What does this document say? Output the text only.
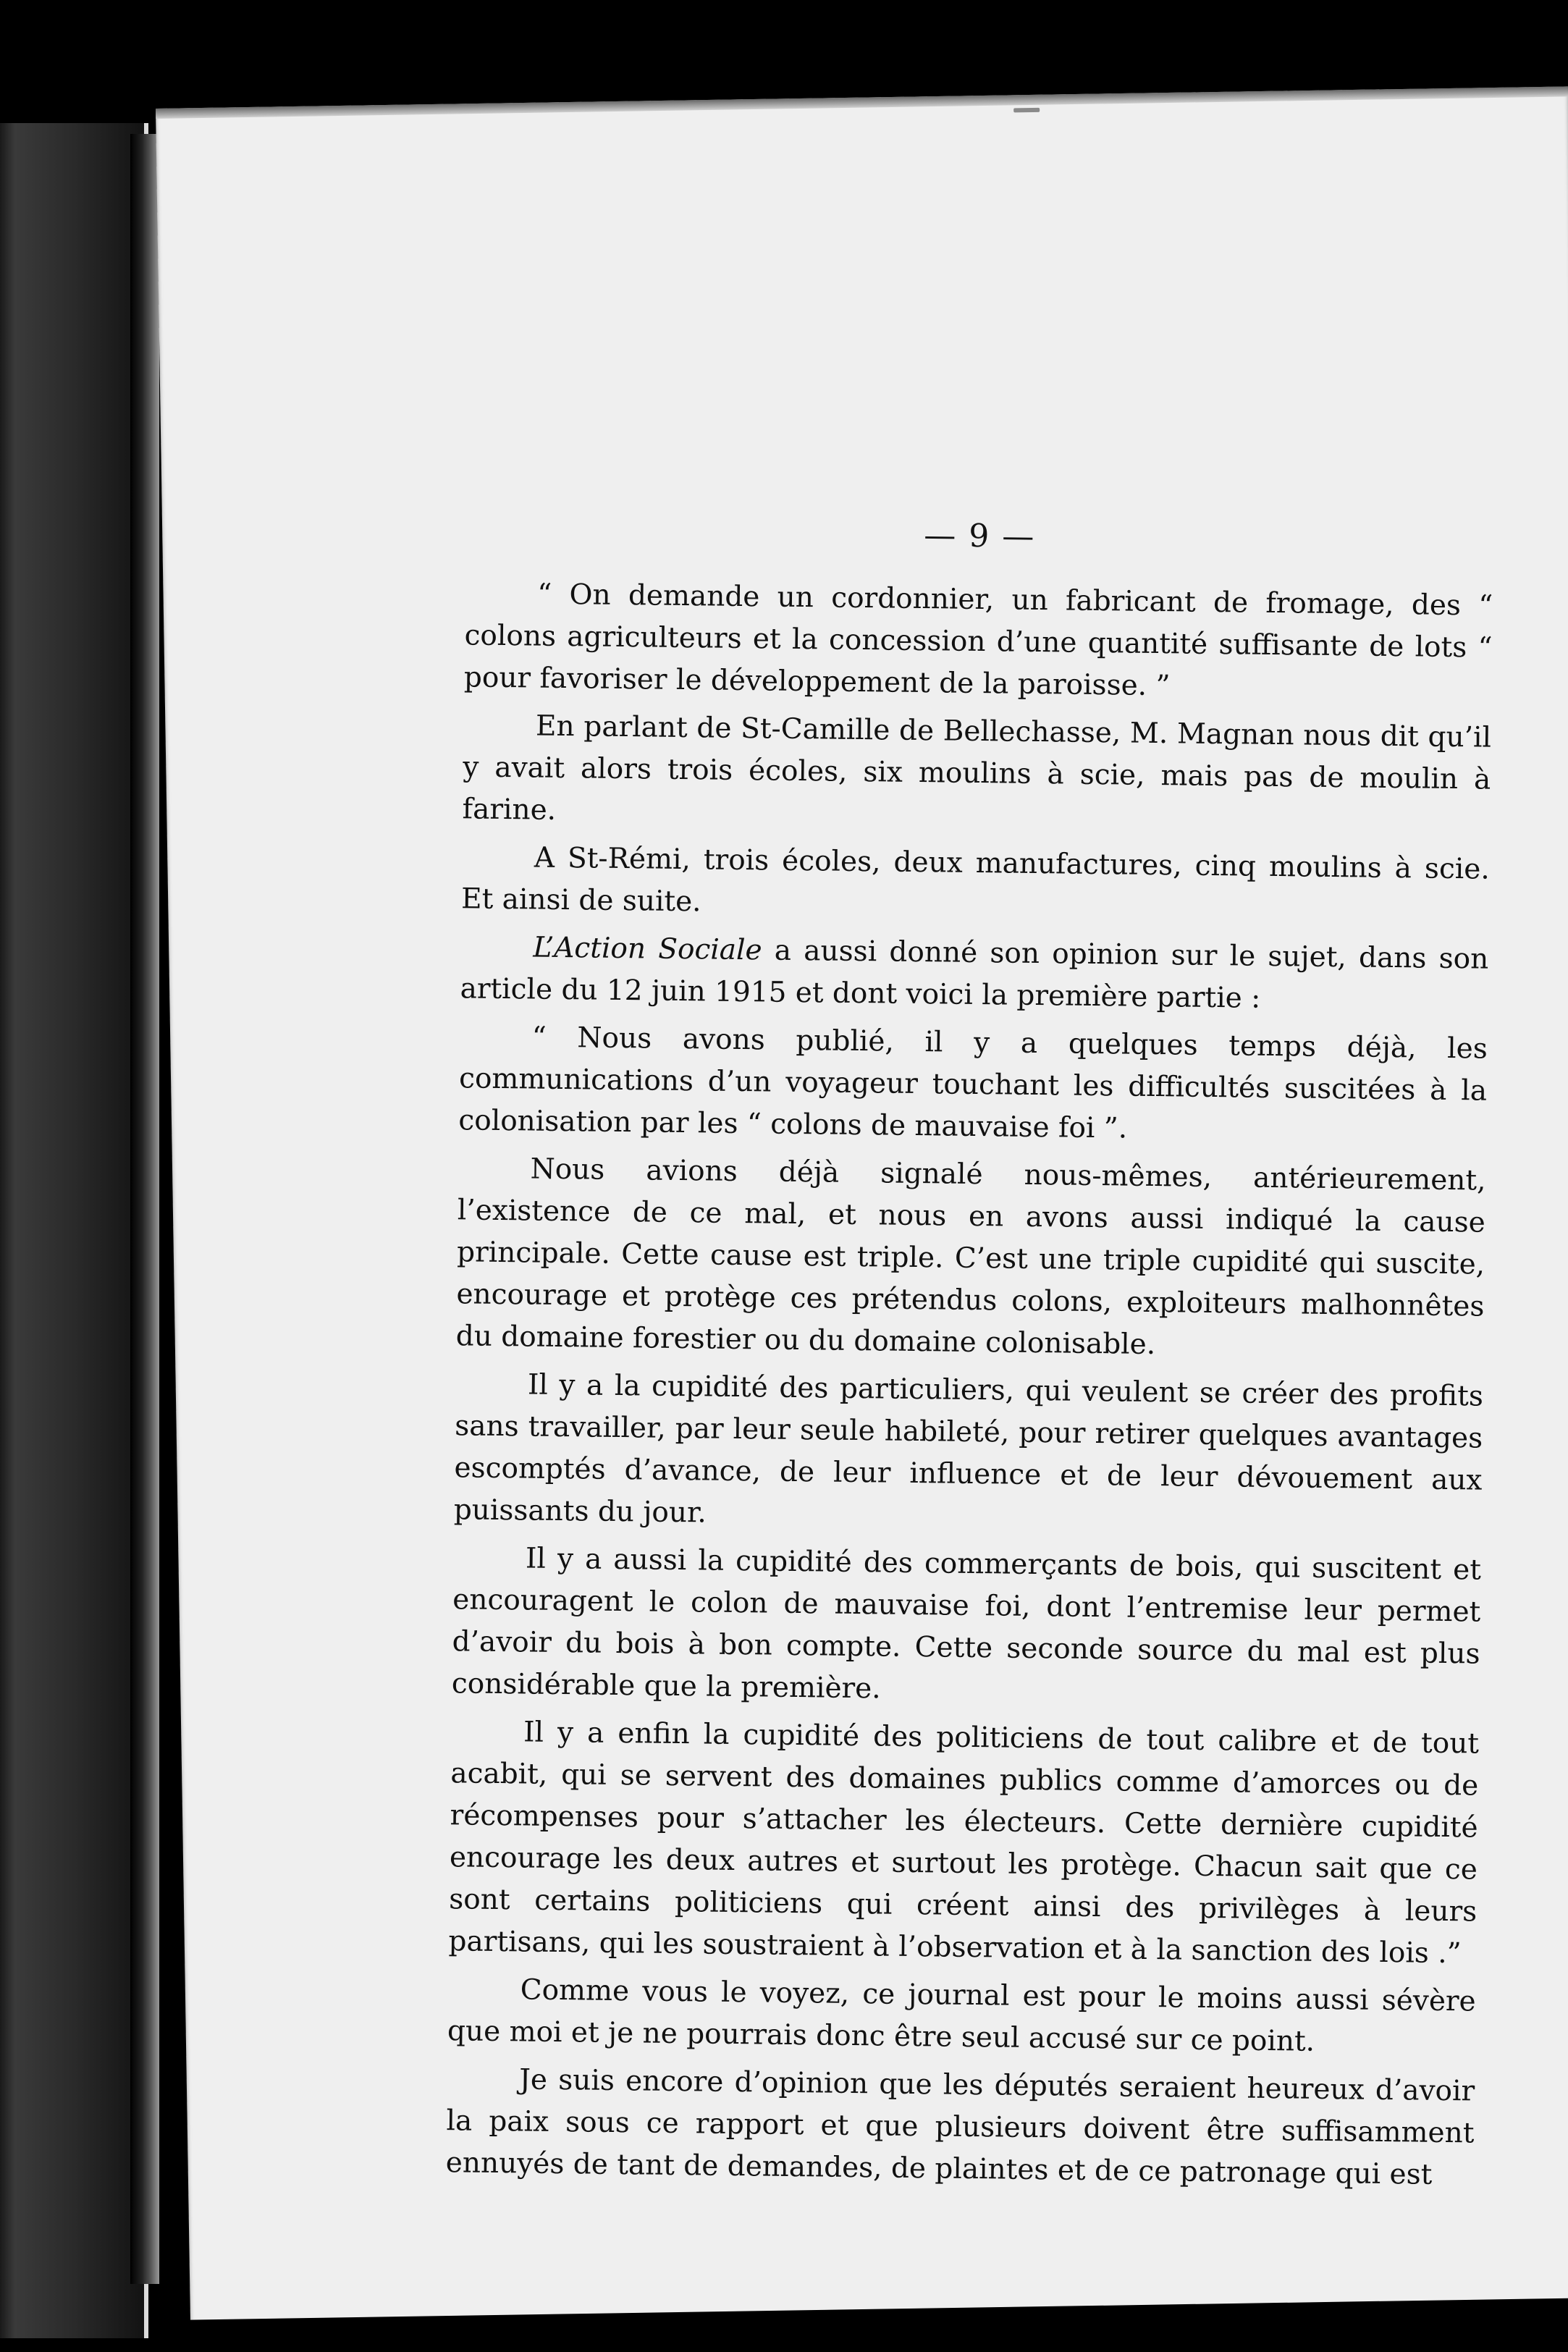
— 9 —

“ On demande un cordonnier, un fabricant de fromage, des “ colons agriculteurs et la concession d’une quantité suffisante de lots “ pour favoriser le développement de la paroisse. ”

En parlant de St-Camille de Bellechasse, M. Magnan nous dit qu’il y avait alors trois écoles, six moulins à scie, mais pas de moulin à farine.

A St-Rémi, trois écoles, deux manufactures, cinq moulins à scie. Et ainsi de suite.

L’Action Sociale a aussi donné son opinion sur le sujet, dans son article du 12 juin 1915 et dont voici la première partie :

“ Nous avons publié, il y a quelques temps déjà, les communications d’un voyageur touchant les difficultés suscitées à la colonisation par les “ colons de mauvaise foi ”.

Nous avions déjà signalé nous-mêmes, antérieurement, l’existence de ce mal, et nous en avons aussi indiqué la cause principale. Cette cause est triple. C’est une triple cupidité qui suscite, encourage et protège ces prétendus colons, exploiteurs malhonnêtes du domaine forestier ou du domaine colonisable.

Il y a la cupidité des particuliers, qui veulent se créer des profits sans travailler, par leur seule habileté, pour retirer quelques avantages escomptés d’avance, de leur influence et de leur dévouement aux puissants du jour.

Il y a aussi la cupidité des commerçants de bois, qui suscitent et encouragent le colon de mauvaise foi, dont l’entremise leur permet d’avoir du bois à bon compte. Cette seconde source du mal est plus considérable que la première.

Il y a enfin la cupidité des politiciens de tout calibre et de tout acabit, qui se servent des domaines publics comme d’amorces ou de récompenses pour s’attacher les électeurs. Cette dernière cupidité encourage les deux autres et surtout les protège. Chacun sait que ce sont certains politiciens qui créent ainsi des privilèges à leurs partisans, qui les soustraient à l’observation et à la sanction des lois .”

Comme vous le voyez, ce journal est pour le moins aussi sévère que moi et je ne pourrais donc être seul accusé sur ce point.

Je suis encore d’opinion que les députés seraient heureux d’avoir la paix sous ce rapport et que plusieurs doivent être suffisamment ennuyés de tant de demandes, de plaintes et de ce patronage qui est
